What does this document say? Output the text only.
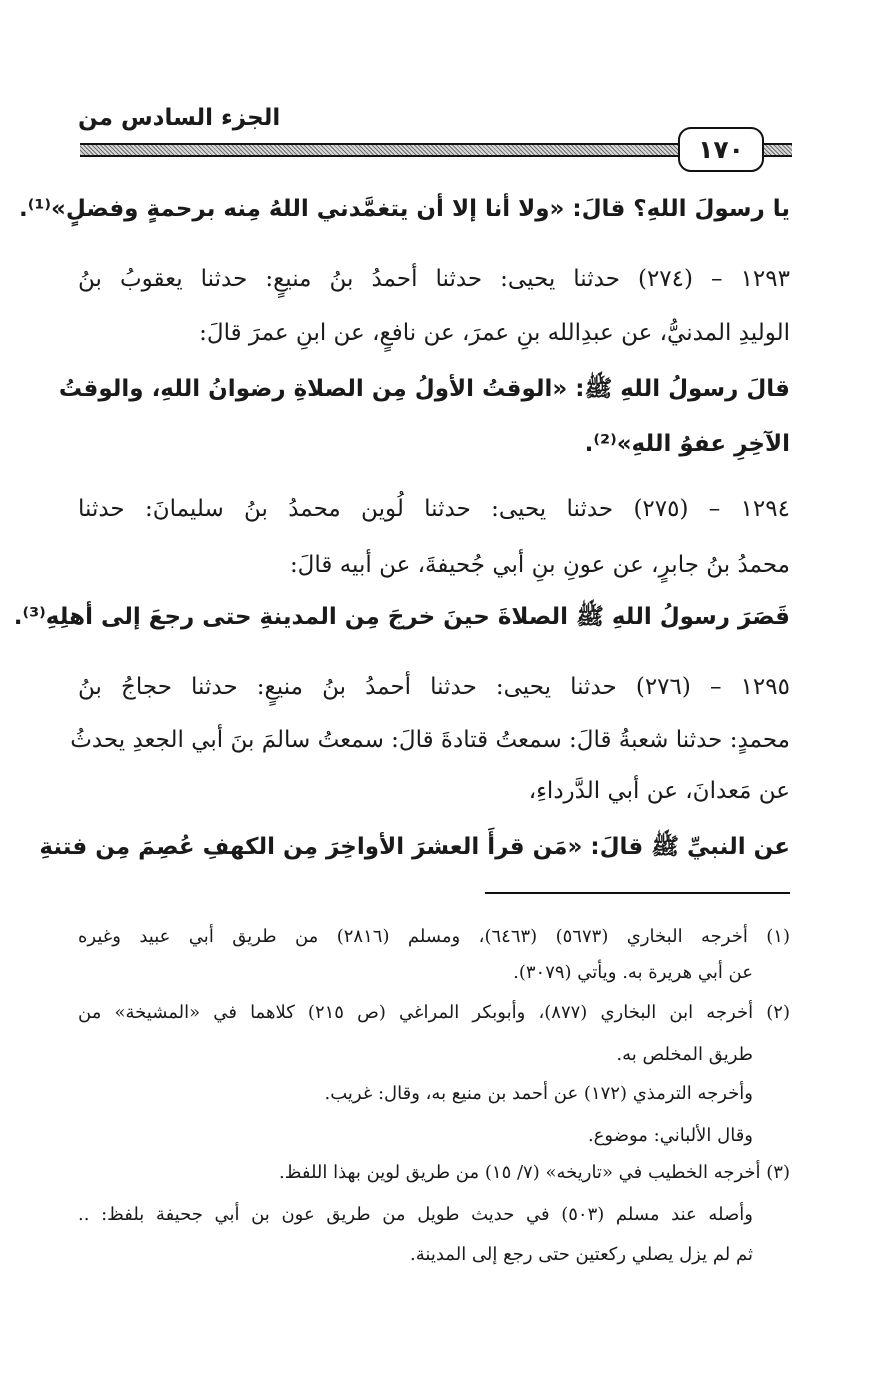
الجزء السادس من
١٧٠
يا رسولَ اللهِ؟ قالَ: «ولا أنا إلا أن يتغمَّدني اللهُ مِنه برحمةٍ وفضلٍ»⁽¹⁾.
١٢٩٣ – (٢٧٤) حدثنا يحيى: حدثنا أحمدُ بنُ منيعٍ: حدثنا يعقوبُ بنُ
الوليدِ المدنيُّ، عن عبدِالله بنِ عمرَ، عن نافعٍ، عن ابنِ عمرَ قالَ:
قالَ رسولُ اللهِ ﷺ: «الوقتُ الأولُ مِن الصلاةِ رضوانُ اللهِ، والوقتُ
الآخِرِ عفوُ اللهِ»⁽²⁾.
١٢٩٤ – (٢٧٥) حدثنا يحيى: حدثنا لُوين محمدُ بنُ سليمانَ: حدثنا
محمدُ بنُ جابرٍ، عن عونِ بنِ أبي جُحيفةَ، عن أبيه قالَ:
قَصَرَ رسولُ اللهِ ﷺ الصلاةَ حينَ خرجَ مِن المدينةِ حتى رجعَ إلى أهلِهِ⁽³⁾.
١٢٩٥ – (٢٧٦) حدثنا يحيى: حدثنا أحمدُ بنُ منيعٍ: حدثنا حجاجُ بنُ
محمدٍ: حدثنا شعبةُ قالَ: سمعتُ قتادةَ قالَ: سمعتُ سالمَ بنَ أبي الجعدِ يحدثُ
عن مَعدانَ، عن أبي الدَّرداءِ،
عن النبيِّ ﷺ قالَ: «مَن قرأَ العشرَ الأواخِرَ مِن الكهفِ عُصِمَ مِن فتنةِ
(١) أخرجه البخاري (٥٦٧٣) (٦٤٦٣)، ومسلم (٢٨١٦) من طريق أبي عبيد وغيره
عن أبي هريرة به. ويأتي (٣٠٧٩).
(٢) أخرجه ابن البخاري (٨٧٧)، وأبوبكر المراغي (ص ٢١٥) كلاهما في «المشيخة» من
طريق المخلص به.
وأخرجه الترمذي (١٧٢) عن أحمد بن منيع به، وقال: غريب.
وقال الألباني: موضوع.
(٣) أخرجه الخطيب في «تاريخه» (٧/ ١٥) من طريق لوين بهذا اللفظ.
وأصله عند مسلم (٥٠٣) في حديث طويل من طريق عون بن أبي جحيفة بلفظ: ..
ثم لم يزل يصلي ركعتين حتى رجع إلى المدينة.
